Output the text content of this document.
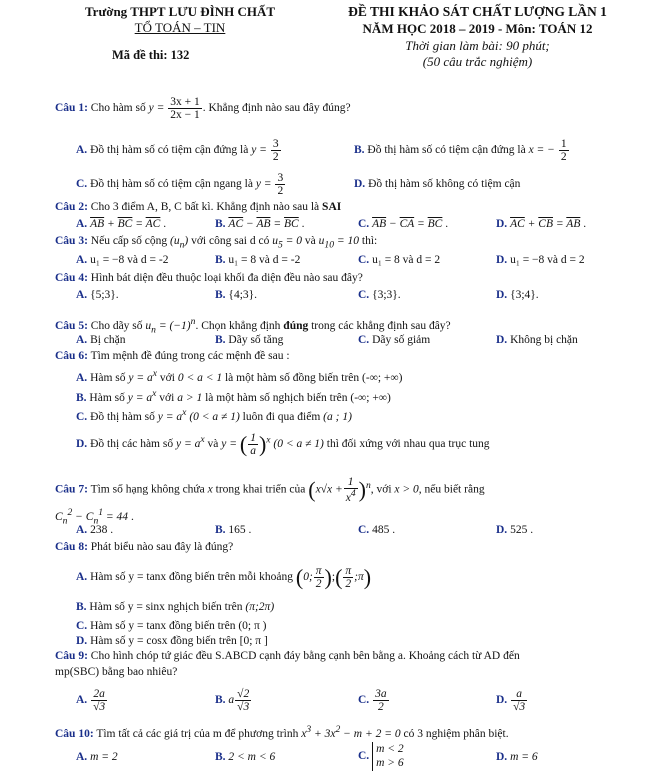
Trường THPT LƯU ĐÌNH CHẤT
TỔ TOÁN – TIN
Mã đề thi: 132
ĐỀ THI KHẢO SÁT CHẤT LƯỢNG LẦN 1
NĂM HỌC 2018 – 2019 - Môn: TOÁN 12
Thời gian làm bài: 90 phút;
(50 câu trắc nghiệm)
Câu 1: Cho hàm số $y = \frac{3x + 1}{2x - 1}$ . Khẳng định nào sau đây đúng?
A. Đồ thị hàm số có tiệm cận đứng là $y = \frac{3}{2}$	B. Đồ thị hàm số có tiệm cận đứng là x = − $\frac{1}{2}$
C. Đồ thị hàm số có tiệm cận ngang là $y = \frac{3}{2}$	D. Đồ thị hàm số không có tiệm cận
Câu 2: Cho 3 điểm A, B, C bất kì. Khẳng định nào sau là SAI
A. $\overline{AB} + \overline{BC} = \overline{AC}$ .	B. $\overline{AC} - \overline{AB} = \overline{BC}$ .	C. $\overline{AB} - \overline{CA} = \overline{BC}$ .	D. $\overline{AC} + \overline{CB} = \overline{AB}$ .
Câu 3: Nếu cấp số cộng $(u_n)$ với công sai d có $u_5 = 0$ và $u_{10} = 10$ thì:
A. u₁ = −8 và d = -2	B. u₁ = 8 và d = -2	C. u₁ = 8 và d = 2	D. u₁ = −8 và d = 2
Câu 4: Hình bát diện đều thuộc loại khối đa diện đều nào sau đây?
A. {5;3}.	B. {4;3}.	C. {3;3}.	D. {3;4}.
Câu 5: Cho dãy số $u_n = (-1)^n$. Chọn khẳng định đúng trong các khẳng định sau đây?
A. Bị chặn	B. Dãy số tăng	C. Dãy số giảm	D. Không bị chặn
Câu 6: Tìm mệnh đề đúng trong các mệnh đề sau :
A. Hàm số $y = a^x$ với 0 < a < 1 là một hàm số đồng biến trên (-∞; +∞)
B. Hàm số $y = a^x$ với a > 1 là một hàm số nghịch biến trên (-∞; +∞)
C. Đồ thị hàm số $y = a^x$ (0 < a ≠ 1) luôn đi qua điểm (a ; 1)
D. Đồ thị các hàm số $y = a^x$ và y = ( $\frac{1}{a} )^x$ (0 < a ≠ 1) thì đối xứng với nhau qua trục tung
Câu 7: Tìm số hạng không chứa x trong khai triển của $(x√x + \frac{1}{x^4} )^n$, với x > 0, nếu biết rằng
$C_n^2 - C_n^1 = 44$ .
A. 238 .	B. 165 .	C. 485 .	D. 525 .
Câu 8: Phát biểu nào sau đây là đúng?
A. Hàm số y = tanx đồng biến trên mỗi khoảng (0; $\frac{\pi}{2}$ );( $\frac{\pi}{2}$ ;π)
B. Hàm số y = sinx nghịch biến trên (π;2π)
C. Hàm số y = tanx đồng biến trên (0; π )
D. Hàm số y = cosx đồng biến trên [0; π ]
Câu 9: Cho hình chóp tứ giác đều S.ABCD cạnh đáy bằng cạnh bên bằng a. Khoảng cách từ AD đến
mp(SBC) bằng bao nhiêu?
A. $\frac{2a}{√3}$	B. a $\frac{√2}{√3}$	C. $\frac{3a}{2}$	D. $\frac{a}{√3}$
Câu 10: Tìm tất cả các giá trị của m để phương trình $x^3 + 3x^2 - m + 2 = 0$ có 3 nghiệm phân biệt.
A. m = 2	B. 2 < m < 6	C.
m < 2
m > 6
D. m = 6
